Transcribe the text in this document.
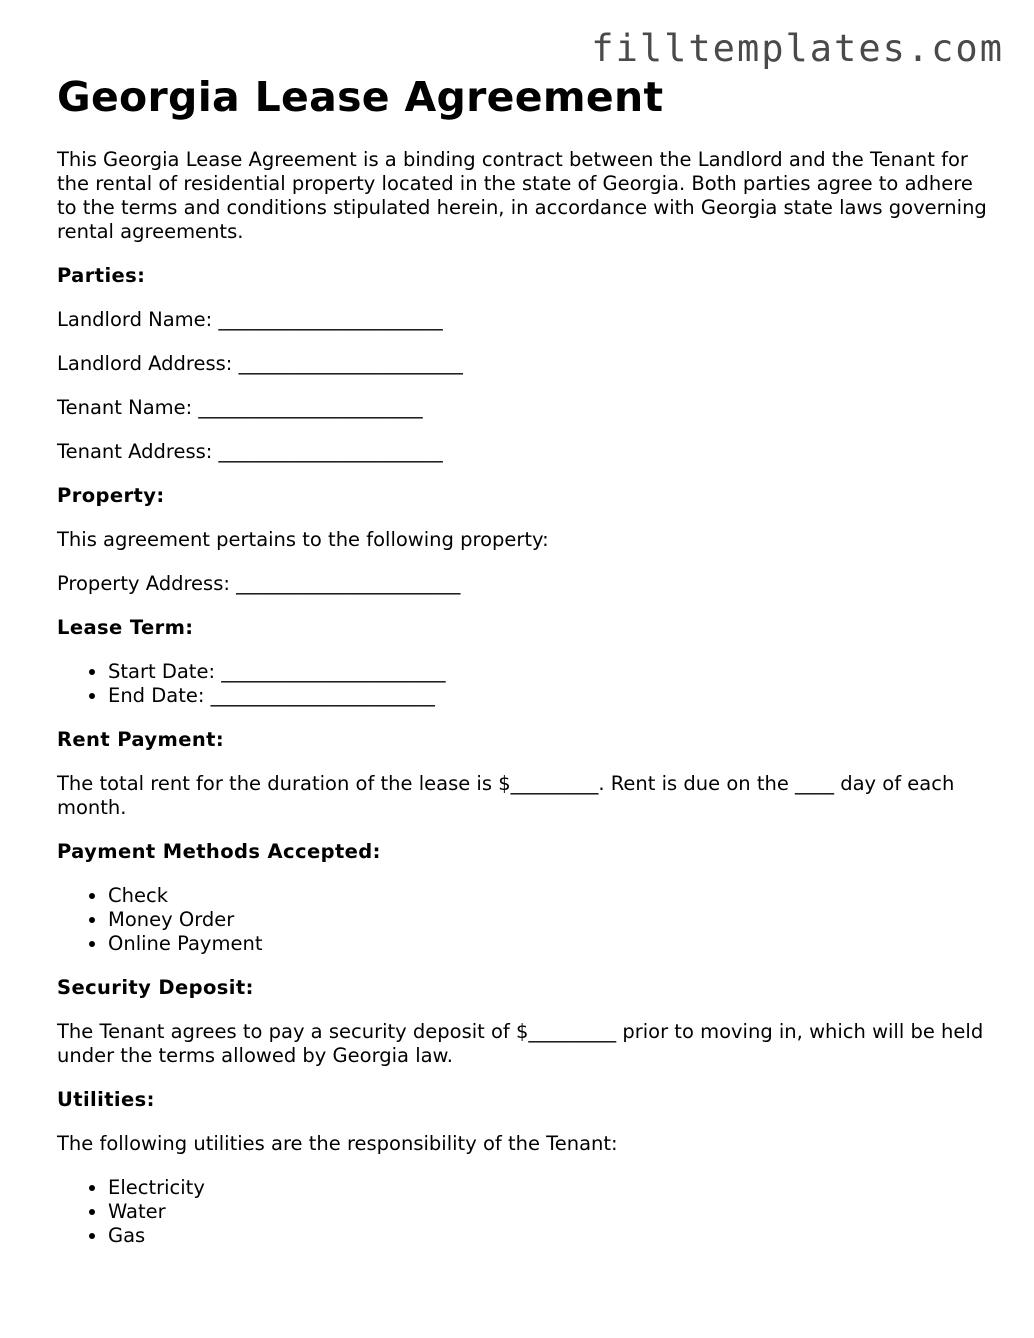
filltemplates.com
Georgia Lease Agreement

This Georgia Lease Agreement is a binding contract between the Landlord and the Tenant for the rental of residential property located in the state of Georgia. Both parties agree to adhere to the terms and conditions stipulated herein, in accordance with Georgia state laws governing rental agreements.

Parties:

Landlord Name: _______________________

Landlord Address: _______________________

Tenant Name: _______________________

Tenant Address: _______________________

Property:

This agreement pertains to the following property:

Property Address: _______________________

Lease Term:

• Start Date: _______________________
• End Date: _______________________

Rent Payment:

The total rent for the duration of the lease is $_________. Rent is due on the ____ day of each month.

Payment Methods Accepted:

• Check
• Money Order
• Online Payment

Security Deposit:

The Tenant agrees to pay a security deposit of $_________ prior to moving in, which will be held under the terms allowed by Georgia law.

Utilities:

The following utilities are the responsibility of the Tenant:

• Electricity
• Water
• Gas
